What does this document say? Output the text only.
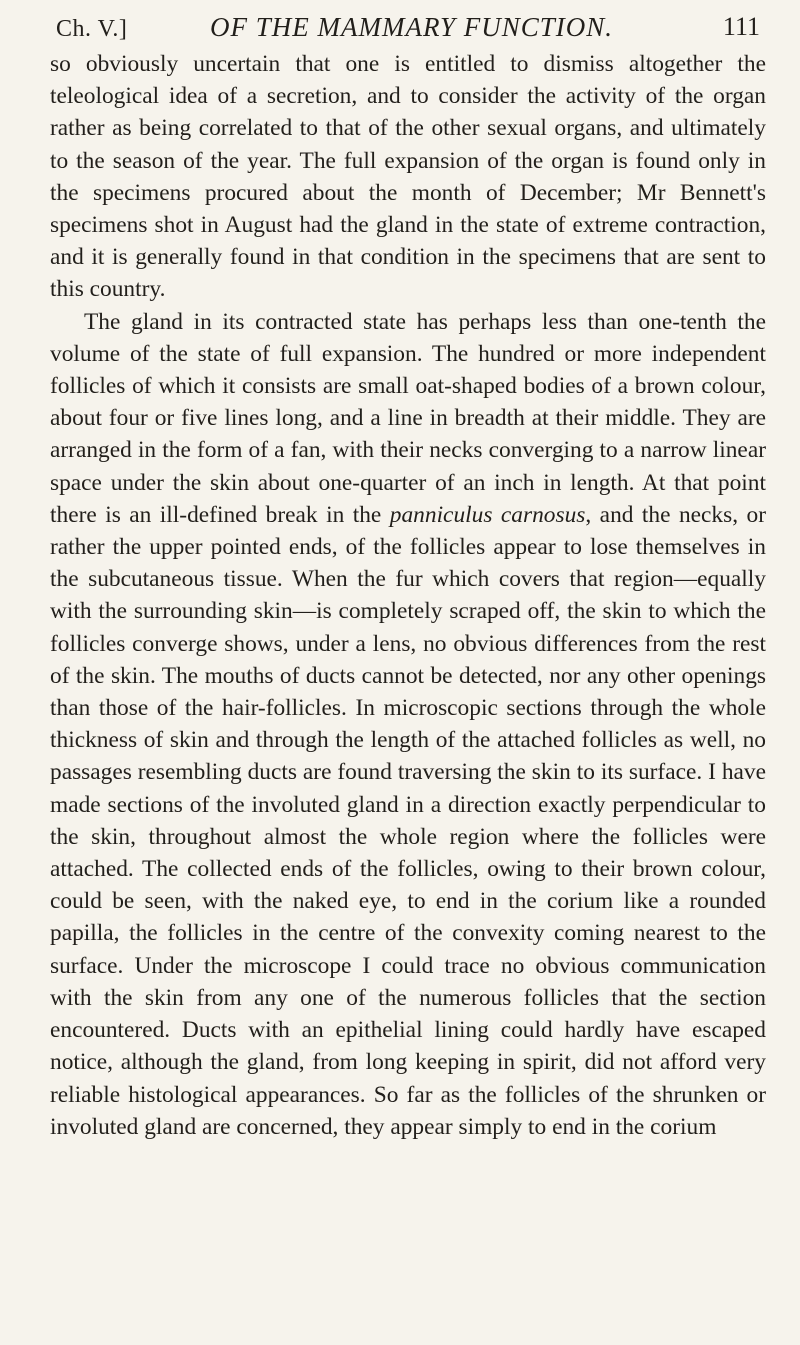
Ch. V.]	OF THE MAMMARY FUNCTION.	111

so obviously uncertain that one is entitled to dismiss altogether the teleological idea of a secretion, and to consider the activity of the organ rather as being correlated to that of the other sexual organs, and ultimately to the season of the year. The full expansion of the organ is found only in the specimens procured about the month of December; Mr Bennett's specimens shot in August had the gland in the state of extreme contraction, and it is generally found in that condition in the specimens that are sent to this country.

The gland in its contracted state has perhaps less than one-tenth the volume of the state of full expansion. The hundred or more independent follicles of which it consists are small oat-shaped bodies of a brown colour, about four or five lines long, and a line in breadth at their middle. They are arranged in the form of a fan, with their necks converging to a narrow linear space under the skin about one-quarter of an inch in length. At that point there is an ill-defined break in the panniculus carnosus, and the necks, or rather the upper pointed ends, of the follicles appear to lose themselves in the subcutaneous tissue. When the fur which covers that region—equally with the surrounding skin—is completely scraped off, the skin to which the follicles converge shows, under a lens, no obvious differences from the rest of the skin. The mouths of ducts cannot be detected, nor any other openings than those of the hair-follicles. In microscopic sections through the whole thickness of skin and through the length of the attached follicles as well, no passages resembling ducts are found traversing the skin to its surface. I have made sections of the involuted gland in a direction exactly perpendicular to the skin, throughout almost the whole region where the follicles were attached. The collected ends of the follicles, owing to their brown colour, could be seen, with the naked eye, to end in the corium like a rounded papilla, the follicles in the centre of the convexity coming nearest to the surface. Under the microscope I could trace no obvious communication with the skin from any one of the numerous follicles that the section encountered. Ducts with an epithelial lining could hardly have escaped notice, although the gland, from long keeping in spirit, did not afford very reliable histological appearances. So far as the follicles of the shrunken or involuted gland are concerned, they appear simply to end in the corium
